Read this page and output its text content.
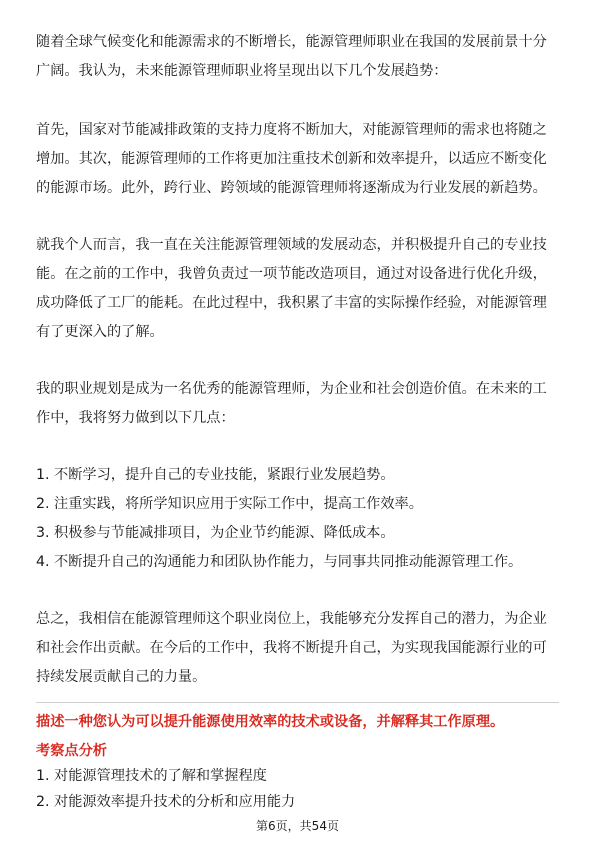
随着全球气候变化和能源需求的不断增长，能源管理师职业在我国的发展前景十分
广阔。我认为，未来能源管理师职业将呈现出以下几个发展趋势：
首先，国家对节能减排政策的支持力度将不断加大，对能源管理师的需求也将随之
增加。其次，能源管理师的工作将更加注重技术创新和效率提升，以适应不断变化
的能源市场。此外，跨行业、跨领域的能源管理师将逐渐成为行业发展的新趋势。
就我个人而言，我一直在关注能源管理领域的发展动态，并积极提升自己的专业技
能。在之前的工作中，我曾负责过一项节能改造项目，通过对设备进行优化升级，
成功降低了工厂的能耗。在此过程中，我积累了丰富的实际操作经验，对能源管理
有了更深入的了解。
我的职业规划是成为一名优秀的能源管理师，为企业和社会创造价值。在未来的工
作中，我将努力做到以下几点：
1. 不断学习，提升自己的专业技能，紧跟行业发展趋势。
2. 注重实践，将所学知识应用于实际工作中，提高工作效率。
3. 积极参与节能减排项目，为企业节约能源、降低成本。
4. 不断提升自己的沟通能力和团队协作能力，与同事共同推动能源管理工作。
总之，我相信在能源管理师这个职业岗位上，我能够充分发挥自己的潜力，为企业
和社会作出贡献。在今后的工作中，我将不断提升自己，为实现我国能源行业的可
持续发展贡献自己的力量。
描述一种您认为可以提升能源使用效率的技术或设备，并解释其工作原理。
考察点分析
1. 对能源管理技术的了解和掌握程度
2. 对能源效率提升技术的分析和应用能力
第6页，共54页
